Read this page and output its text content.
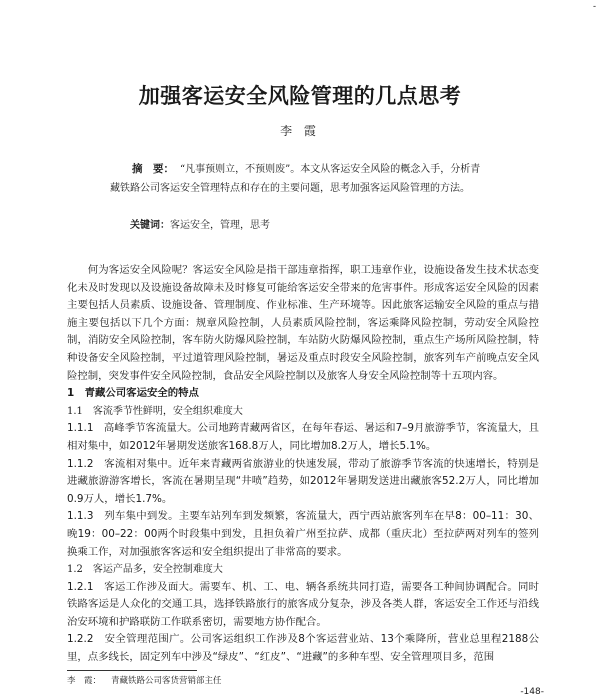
-
加强客运安全风险管理的几点思考
李 霞
摘　要： “凡事预则立，不预则废”。本文从客运安全风险的概念入手，分析青藏铁路公司客运安全管理特点和存在的主要问题，思考加强客运风险管理的方法。
关键词：客运安全，管理，思考

何为客运安全风险呢？客运安全风险是指干部违章指挥，职工违章作业，设施设备发生技术状态变化未及时发现以及设施设备故障未及时修复可能给客运安全带来的危害事件。形成客运安全风险的因素主要包括人员素质、设施设备、管理制度、作业标准、生产环境等。因此旅客运输安全风险的重点与措施主要包括以下几个方面：规章风险控制，人员素质风险控制，客运乘降风险控制，劳动安全风险控制，消防安全风险控制，客车防火防爆风险控制，车站防火防爆风险控制，重点生产场所风险控制，特种设备安全风险控制，平过道管理风险控制，暑运及重点时段安全风险控制，旅客列车产前晚点安全风险控制，突发事件安全风险控制，食品安全风险控制以及旅客人身安全风险控制等十五项内容。

1　青藏公司客运安全的特点

1.1　客流季节性鲜明，安全组织难度大

1.1.1　高峰季节客流量大。公司地跨青藏两省区，在每年春运、暑运和7–9月旅游季节，客流量大，且相对集中，如2012年暑期发送旅客168.8万人，同比增加8.2万人，增长5.1%。

1.1.2　客流相对集中。近年来青藏两省旅游业的快速发展，带动了旅游季节客流的快速增长，特别是进藏旅游游客增长，客流在暑期呈现“井喷”趋势，如2012年暑期发送进出藏旅客52.2万人，同比增加0.9万人，增长1.7%。

1.1.3　列车集中到发。主要车站列车到发频繁，客流量大，西宁西站旅客列车在早8：00–11：30、晚19：00–22：00两个时段集中到发，且担负着广州至拉萨、成都（重庆北）至拉萨两对列车的签列换乘工作，对加强旅客客运和安全组织提出了非常高的要求。

1.2　客运产品多，安全控制难度大

1.2.1　客运工作涉及面大。需要车、机、工、电、辆各系统共同打造，需要各工种间协调配合。同时铁路客运是人众化的交通工具，选择铁路旅行的旅客成分复杂，涉及各类人群，客运安全工作还与沿线治安环境和护路联防工作联系密切，需要地方协作配合。

1.2.2　安全管理范围广。公司客运组织工作涉及8个客运营业站、13个乘降所，营业总里程2188公里，点多线长，固定列车中涉及“绿皮”、“红皮”、“进藏”的多种车型、安全管理项目多，范围

李　霞： 青藏铁路公司客货营销部主任
-148-
